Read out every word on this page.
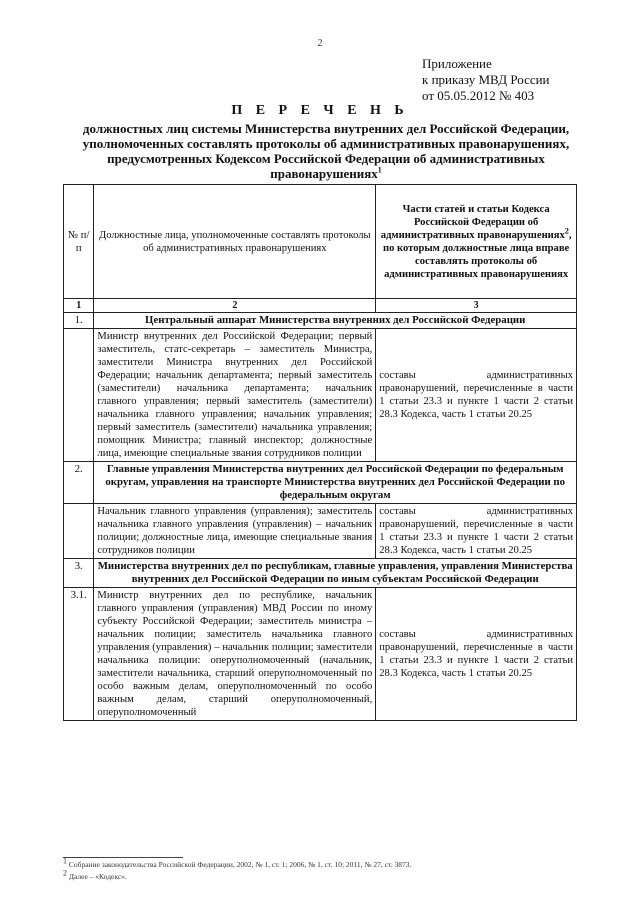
2
Приложение
к приказу МВД России
от 05.05.2012 № 403
П Е Р Е Ч Е Н Ь
должностных лиц системы Министерства внутренних дел Российской Федерации, уполномоченных составлять протоколы об административных правонарушениях, предусмотренных Кодексом Российской Федерации об административных правонарушениях$^1$
№ п/п	Должностные лица, уполномоченные составлять протоколы об административных правонарушениях	Части статей и статьи Кодекса Российской Федерации об административных правонарушениях$^2$, по которым должностные лица вправе составлять протоколы об административных правонарушениях
1	2	3
1.	Центральный аппарат Министерства внутренних дел Российской Федерации	
	Министр внутренних дел Российской Федерации; первый заместитель, статс-секретарь – заместитель Министра, заместители Министра внутренних дел Российской Федерации; начальник департамента; первый заместитель (заместители) начальника департамента; начальник главного управления; первый заместитель (заместители) начальника главного управления; начальник управления; первый заместитель (заместители) начальника управления; помощник Министра; главный инспектор; должностные лица, имеющие специальные звания сотрудников полиции	составы административных правонарушений, перечисленные в части 1 статьи 23.3 и пункте 1 части 2 статьи 28.3 Кодекса, часть 1 статьи 20.25
2.	Главные управления Министерства внутренних дел Российской Федерации по федеральным округам, управления на транспорте Министерства внутренних дел Российской Федерации по федеральным округам	
	Начальник главного управления (управления); заместитель начальника главного управления (управления) – начальник полиции; должностные лица, имеющие специальные звания сотрудников полиции	составы административных правонарушений, перечисленные в части 1 статьи 23.3 и пункте 1 части 2 статьи 28.3 Кодекса, часть 1 статьи 20.25
3.	Министерства внутренних дел по республикам, главные управления, управления Министерства внутренних дел Российской Федерации по иным субъектам Российской Федерации	
3.1.	Министр внутренних дел по республике, начальник главного управления (управления) МВД России по иному субъекту Российской Федерации; заместитель министра – начальник полиции; заместитель начальника главного управления (управления) – начальник полиции; заместители начальника полиции: оперуполномоченный (начальник, заместители начальника, старший оперуполномоченный по особо важным делам, оперуполномоченный по особо важным делам, старший оперуполномоченный, оперуполномоченный	составы административных правонарушений, перечисленные в части 1 статьи 23.3 и пункте 1 части 2 статьи 28.3 Кодекса, часть 1 статьи 20.25
$^1$ Собрание законодательства Российской Федерации, 2002, № 1, ст. 1; 2006, № 1, ст. 10; 2011, № 27, ст. 3873.
$^2$ Далее – «Кодекс».
